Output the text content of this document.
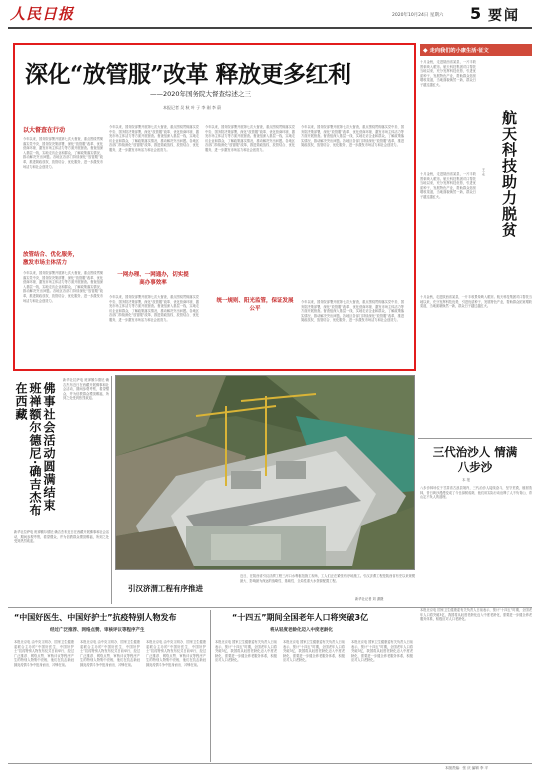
人民日报	2020年10月24日 星期六 5 要闻
◆ 走向我们的小康生活·征文
深化“放管服”改革 释放更多红利
——2020年国务院大督查综述之三
本报记者 吴 秋 叶 子 李 刚 李 蔚
以大督查在行动
今年以来，国务院部署开展第七次大督查，重点围绕贯彻落实党中央、国务院决策部署，深化“放管服”改革、优化营商环境、激发市场主体活力等方面开展督查。督查组深入基层一线，实地走访企业和群众，了解政策落实情况，推动解决突出问题。各地区各部门持续深化“放管服”改革，推进简政放权、放管结合、优化服务，进一步激发市场活力和社会创造力。
放管结合、优化服务，
激发市场主体活力
今年以来，国务院部署开展第七次大督查，重点围绕贯彻落实党中央、国务院决策部署，深化“放管服”改革、优化营商环境、激发市场主体活力等方面开展督查。督查组深入基层一线，实地走访企业和群众，了解政策落实情况，推动解决突出问题。各地区各部门持续深化“放管服”改革，推进简政放权、放管结合、优化服务，进一步激发市场活力和社会创造力。
今年以来，国务院部署开展第七次大督查，重点围绕贯彻落实党中央、国务院决策部署，深化“放管服”改革、优化营商环境、激发市场主体活力等方面开展督查。督查组深入基层一线，实地走访企业和群众，了解政策落实情况，推动解决突出问题。各地区各部门持续深化“放管服”改革，推进简政放权、放管结合、优化服务，进一步激发市场活力和社会创造力。
一网办理、一网通办，切实提高办事效率
今年以来，国务院部署开展第七次大督查，重点围绕贯彻落实党中央、国务院决策部署，深化“放管服”改革、优化营商环境、激发市场主体活力等方面开展督查。督查组深入基层一线，实地走访企业和群众，了解政策落实情况，推动解决突出问题。各地区各部门持续深化“放管服”改革，推进简政放权、放管结合、优化服务，进一步激发市场活力和社会创造力。
今年以来，国务院部署开展第七次大督查，重点围绕贯彻落实党中央、国务院决策部署，深化“放管服”改革、优化营商环境、激发市场主体活力等方面开展督查。督查组深入基层一线，实地走访企业和群众，了解政策落实情况，推动解决突出问题。各地区各部门持续深化“放管服”改革，推进简政放权、放管结合、优化服务，进一步激发市场活力和社会创造力。
今年以来，国务院部署开展第七次大督查，重点围绕贯彻落实党中央、国务院决策部署，深化“放管服”改革、优化营商环境、激发市场主体活力等方面开展督查。督查组深入基层一线，实地走访企业和群众，了解政策落实情况，推动解决突出问题。各地区各部门持续深化“放管服”改革，推进简政放权、放管结合、优化服务，进一步激发市场活力和社会创造力。
统一规则、阳光监管，保证发展公平
今年以来，国务院部署开展第七次大督查，重点围绕贯彻落实党中央、国务院决策部署，深化“放管服”改革、优化营商环境、激发市场主体活力等方面开展督查。督查组深入基层一线，实地走访企业和群众，了解政策落实情况，推动解决突出问题。各地区各部门持续深化“放管服”改革，推进简政放权、放管结合、优化服务，进一步激发市场活力和社会创造力。
十月金秋，走进陕西省某县，一片丰收景象映入眼帘。航天科技集团对口帮扶当地以来，充分发挥科技优势，引进优质种子，发展特色产业，帮助群众拓宽增收渠道，当地面貌焕然一新，群众日子越过越红火。
航天科技助力脱贫
王 永
十月金秋，走进陕西省某县，一片丰收景象映入眼帘。航天科技集团对口帮扶当地以来，充分发挥科技优势，引进优质种子，发展特色产业，帮助群众拓宽增收渠道，当地面貌焕然一新，群众日子越过越红火。
十月金秋，走进陕西省某县，一片丰收景象映入眼帘。航天科技集团对口帮扶当地以来，充分发挥科技优势，引进优质种子，发展特色产业，帮助群众拓宽增收渠道，当地面貌焕然一新，群众日子越过越红火。
三代治沙人 情满八步沙
本 报
八步沙林场位于甘肃省古浪县境内，三代治沙人接续奋斗，坚守荒漠，植树造林，昔日黄沙漫漫变成了今日绿树成荫，他们用实际行动诠释了人不负青山、青山定不负人的道理。
佛事社会活动圆满结束 班禅额尔德尼·确吉杰布在西藏
新华社拉萨电 班禅额尔德尼·确吉杰布近日在西藏开展佛事和社会活动，期间参观考察，看望僧众，并为信教群众摸顶赐福，所到之处受到热烈欢迎。
新华社拉萨电 班禅额尔德尼·确吉杰布近日在西藏开展佛事和社会活动，期间参观考察，看望僧众，并为信教群众摸顶赐福，所到之处受到热烈欢迎。
近日，在陕西省引汉济渭工程三河口水利枢纽施工现场，工人们正在紧张有序地施工。引汉济渭工程是陕西省有史以来规模最大、影响最为深远的战略性、基础性、全局性重大水资源配置工程。
新华社记者 刘 潇摄
引汉济渭工程有序推进
“中国好医生、中国好护士”抗疫特别人物发布
经过广泛推荐、网络点赞、审核评议等程序产生
本报北京电 由中央文明办、国家卫生健康委联合主办的“中国好医生、中国好护士”抗疫特别人物发布仪式日前举行，经过广泛推荐、网络点赞、审核评议等程序产生的特别人物集中亮相，他们在抗击新冠肺炎疫情斗争中挺身而出、冲锋在前。
本报北京电 由中央文明办、国家卫生健康委联合主办的“中国好医生、中国好护士”抗疫特别人物发布仪式日前举行，经过广泛推荐、网络点赞、审核评议等程序产生的特别人物集中亮相，他们在抗击新冠肺炎疫情斗争中挺身而出、冲锋在前。
本报北京电 由中央文明办、国家卫生健康委联合主办的“中国好医生、中国好护士”抗疫特别人物发布仪式日前举行，经过广泛推荐、网络点赞、审核评议等程序产生的特别人物集中亮相，他们在抗击新冠肺炎疫情斗争中挺身而出、冲锋在前。
“十四五”期间全国老年人口将突破3亿
将从轻度老龄化迈入中度老龄化
本报北京电 国家卫生健康委有关负责人日前表示，预计“十四五”时期，全国老年人口将突破3亿，我国将从轻度老龄化迈入中度老龄化，需要进一步健全养老服务体系，积极应对人口老龄化。
本报北京电 国家卫生健康委有关负责人日前表示，预计“十四五”时期，全国老年人口将突破3亿，我国将从轻度老龄化迈入中度老龄化，需要进一步健全养老服务体系，积极应对人口老龄化。
本报北京电 国家卫生健康委有关负责人日前表示，预计“十四五”时期，全国老年人口将突破3亿，我国将从轻度老龄化迈入中度老龄化，需要进一步健全养老服务体系，积极应对人口老龄化。
本报北京电 国家卫生健康委有关负责人日前表示，预计“十四五”时期，全国老年人口将突破3亿，我国将从轻度老龄化迈入中度老龄化，需要进一步健全养老服务体系，积极应对人口老龄化。
本版责编：张 庆 编辑 李 平
